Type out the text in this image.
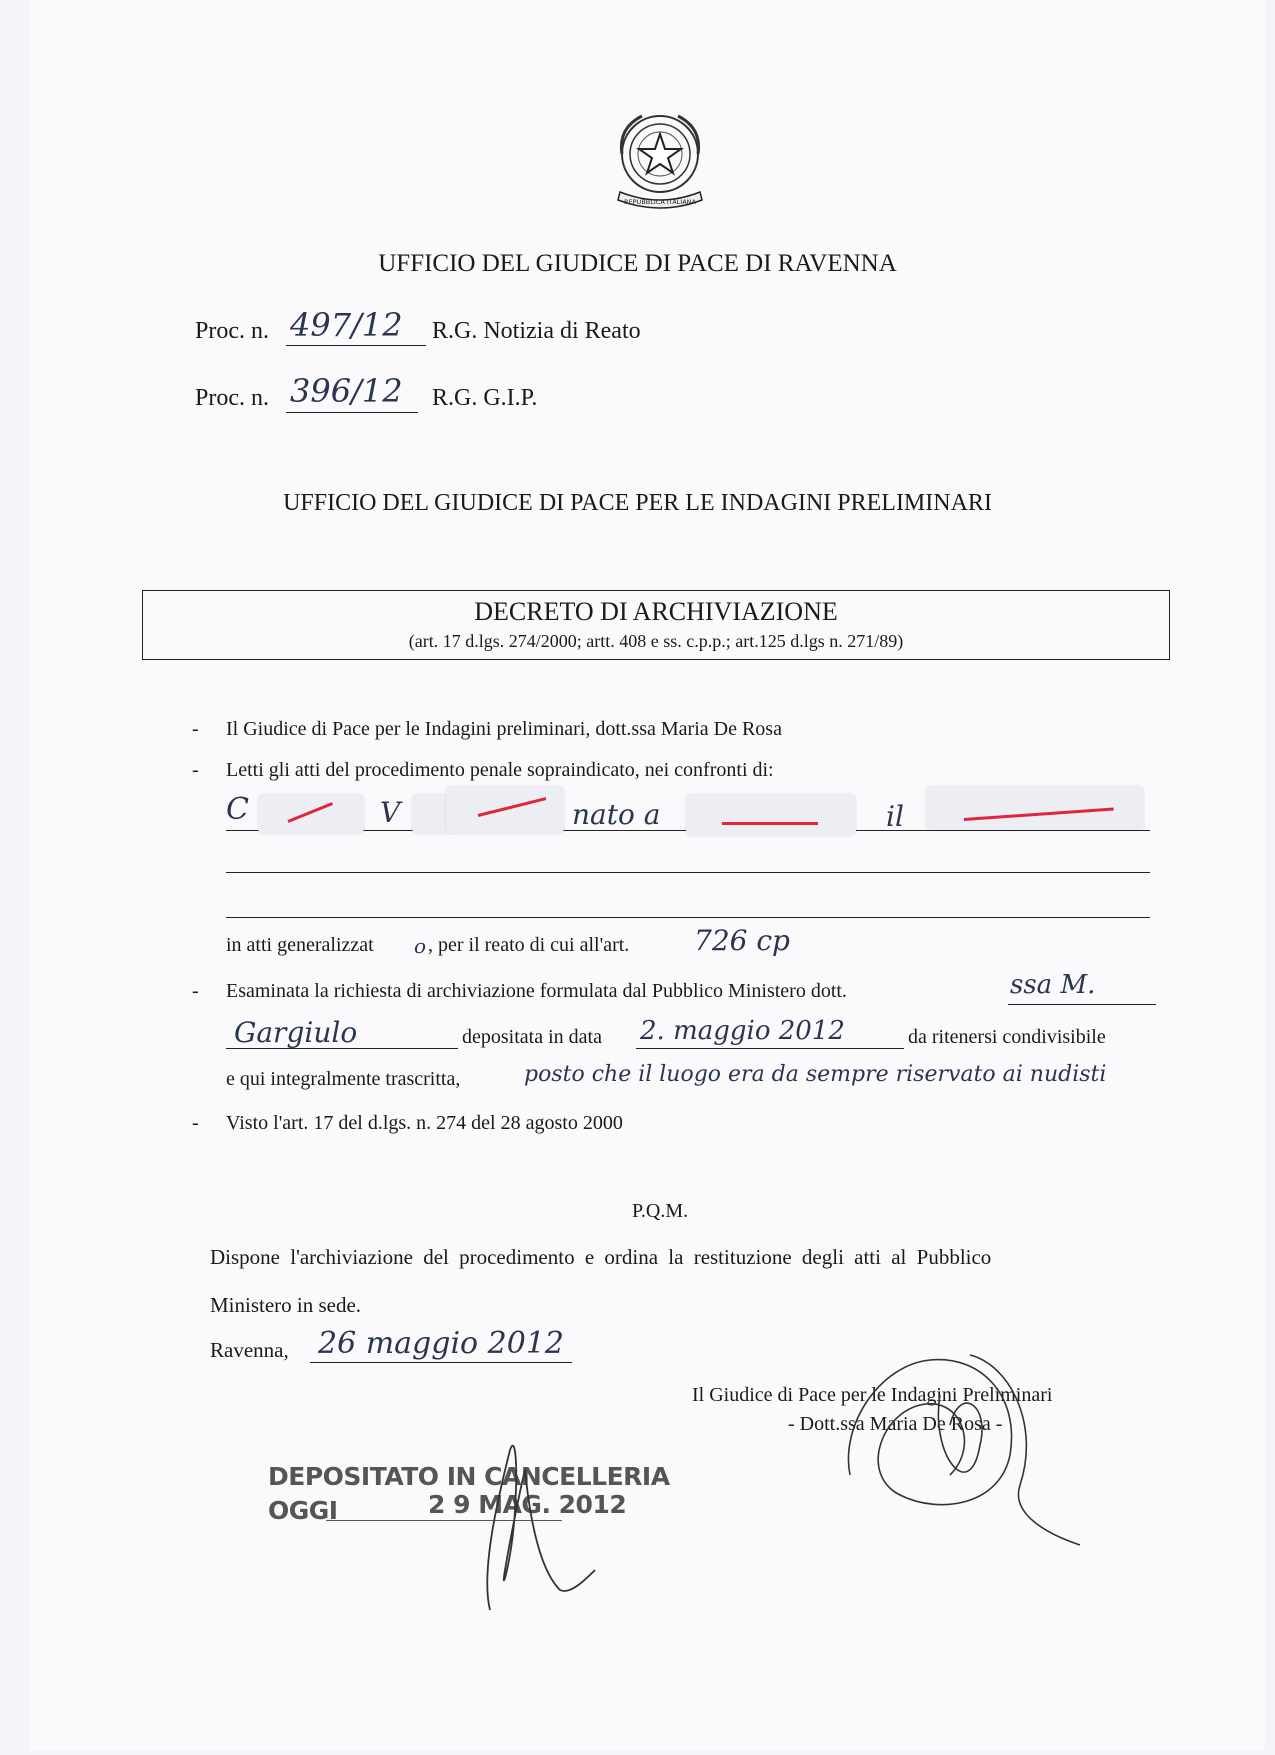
REPUBBLICA ITALIANA
UFFICIO DEL GIUDICE DI PACE DI RAVENNA
Proc. n. 497/12 R.G. Notizia di Reato
Proc. n. 396/12 R.G. G.I.P.
UFFICIO DEL GIUDICE DI PACE PER LE INDAGINI PRELIMINARI
DECRETO DI ARCHIVIAZIONE
(art. 17 d.lgs. 274/2000; artt. 408 e ss. c.p.p.; art.125 d.lgs n. 271/89)
- Il Giudice di Pace per le Indagini preliminari, dott.ssa Maria De Rosa
- Letti gli atti del procedimento penale sopraindicato, nei confronti di:
C	V	nato a	il
in atti generalizzat o , per il reato di cui all'art. 726 cp
- Esaminata la richiesta di archiviazione formulata dal Pubblico Ministero dott.	ssa M.
Gargiulo	depositata in data 2. maggio 2012	da ritenersi condivisibile
e qui integralmente trascritta,	posto che il luogo era da sempre riservato ai nudisti
- Visto l'art. 17 del d.lgs. n. 274 del 28 agosto 2000
P.Q.M.
Dispone l'archiviazione del procedimento e ordina la restituzione degli atti al Pubblico
Ministero in sede.
Ravenna, 26 maggio 2012
Il Giudice di Pace per le Indagini Preliminari
- Dott.ssa Maria De Rosa -
DEPOSITATO IN CANCELLERIA
OGGI	2 9 MAG. 2012
